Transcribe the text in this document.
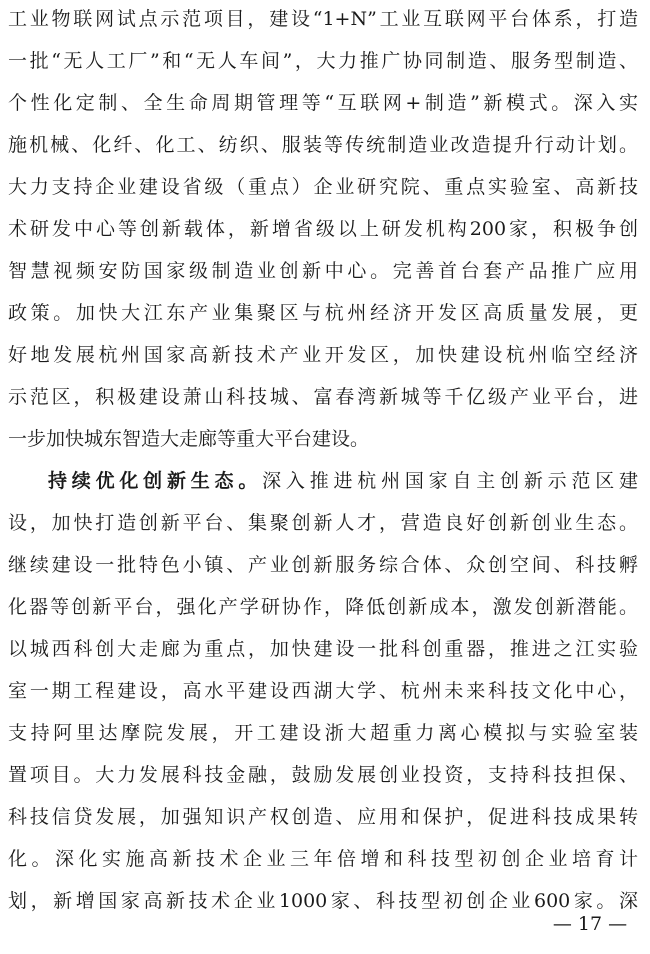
工业物联网试点示范项目，建设“1+N”工业互联网平台体系，打造
一批“无人工厂”和“无人车间”，大力推广协同制造、服务型制造、
个性化定制、全生命周期管理等“互联网+制造”新模式。深入实
施机械、化纤、化工、纺织、服装等传统制造业改造提升行动计划。
大力支持企业建设省级（重点）企业研究院、重点实验室、高新技
术研发中心等创新载体，新增省级以上研发机构200家，积极争创
智慧视频安防国家级制造业创新中心。完善首台套产品推广应用
政策。加快大江东产业集聚区与杭州经济开发区高质量发展，更
好地发展杭州国家高新技术产业开发区，加快建设杭州临空经济
示范区，积极建设萧山科技城、富春湾新城等千亿级产业平台，进
一步加快城东智造大走廊等重大平台建设。
持续优化创新生态。深入推进杭州国家自主创新示范区建
设，加快打造创新平台、集聚创新人才，营造良好创新创业生态。
继续建设一批特色小镇、产业创新服务综合体、众创空间、科技孵
化器等创新平台，强化产学研协作，降低创新成本，激发创新潜能。
以城西科创大走廊为重点，加快建设一批科创重器，推进之江实验
室一期工程建设，高水平建设西湖大学、杭州未来科技文化中心，
支持阿里达摩院发展，开工建设浙大超重力离心模拟与实验室装
置项目。大力发展科技金融，鼓励发展创业投资，支持科技担保、
科技信贷发展，加强知识产权创造、应用和保护，促进科技成果转
化。深化实施高新技术企业三年倍增和科技型初创企业培育计
划，新增国家高新技术企业1000家、科技型初创企业600家。深
— 17 —
